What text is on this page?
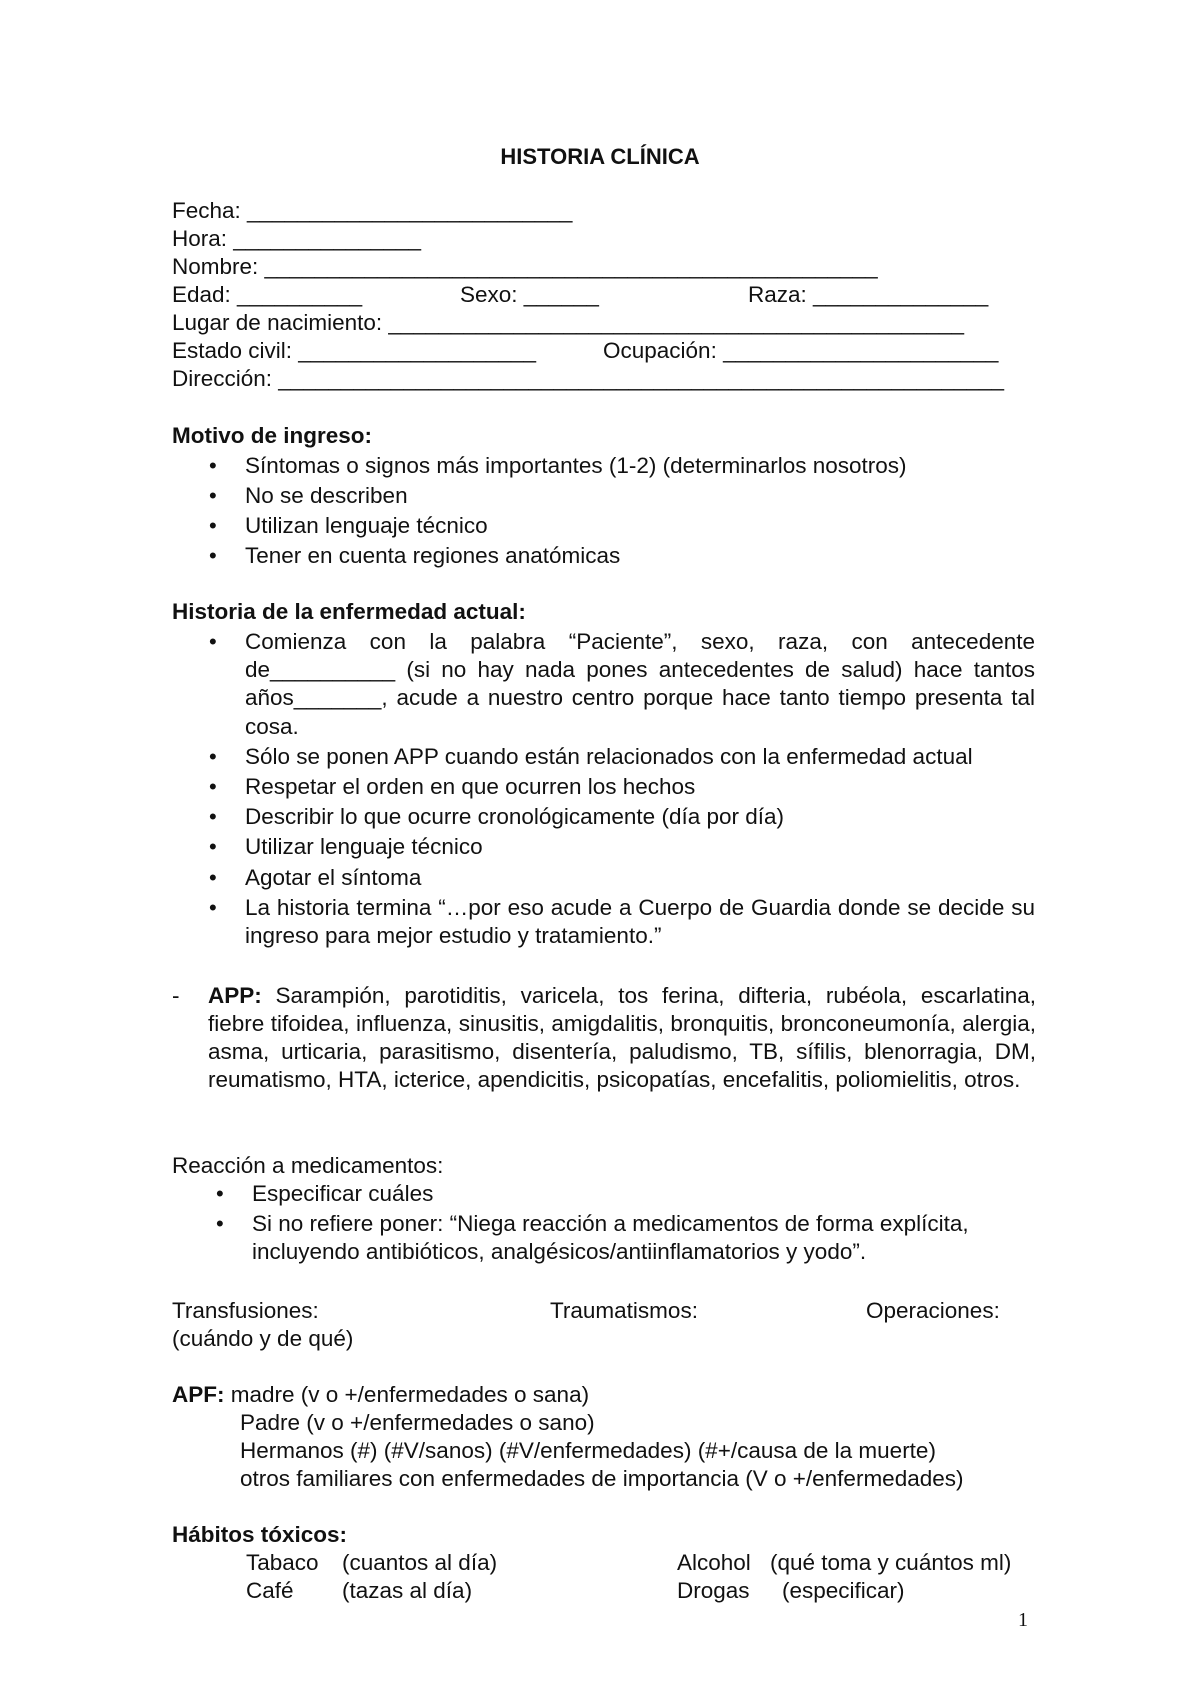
HISTORIA CLÍNICA
Fecha: __________________________
Hora: _______________
Nombre: _________________________________________________
Edad: __________	Sexo: ______	Raza: ______________
Lugar de nacimiento: ______________________________________________
Estado civil: ___________________	Ocupación: ______________________
Dirección: __________________________________________________________
Motivo de ingreso:
• Síntomas o signos más importantes (1-2) (determinarlos nosotros)
• No se describen
• Utilizan lenguaje técnico
• Tener en cuenta regiones anatómicas
Historia de la enfermedad actual:
• Comienza con la palabra “Paciente”, sexo, raza, con antecedente de__________ (si no hay nada pones antecedentes de salud) hace tantos años_______, acude a nuestro centro porque hace tanto tiempo presenta tal cosa.
• Sólo se ponen APP cuando están relacionados con la enfermedad actual
• Respetar el orden en que ocurren los hechos
• Describir lo que ocurre cronológicamente (día por día)
• Utilizar lenguaje técnico
• Agotar el síntoma
• La historia termina “…por eso acude a Cuerpo de Guardia donde se decide su ingreso para mejor estudio y tratamiento.”
- APP: Sarampión, parotiditis, varicela, tos ferina, difteria, rubéola, escarlatina, fiebre tifoidea, influenza, sinusitis, amigdalitis, bronquitis, bronconeumonía, alergia, asma, urticaria, parasitismo, disentería, paludismo, TB, sífilis, blenorragia, DM, reumatismo, HTA, icterice, apendicitis, psicopatías, encefalitis, poliomielitis, otros.
Reacción a medicamentos:
• Especificar cuáles
• Si no refiere poner: “Niega reacción a medicamentos de forma explícita, incluyendo antibióticos, analgésicos/antiinflamatorios y yodo”.
Transfusiones:	Traumatismos:	Operaciones:
(cuándo y de qué)
APF: madre (v o +/enfermedades o sana)
Padre (v o +/enfermedades o sano)
Hermanos (#) (#V/sanos) (#V/enfermedades) (#+/causa de la muerte)
otros familiares con enfermedades de importancia (V o +/enfermedades)
Hábitos tóxicos:
Tabaco (cuantos al día)	Alcohol (qué toma y cuántos ml)
Café (tazas al día)	Drogas (especificar)
1
